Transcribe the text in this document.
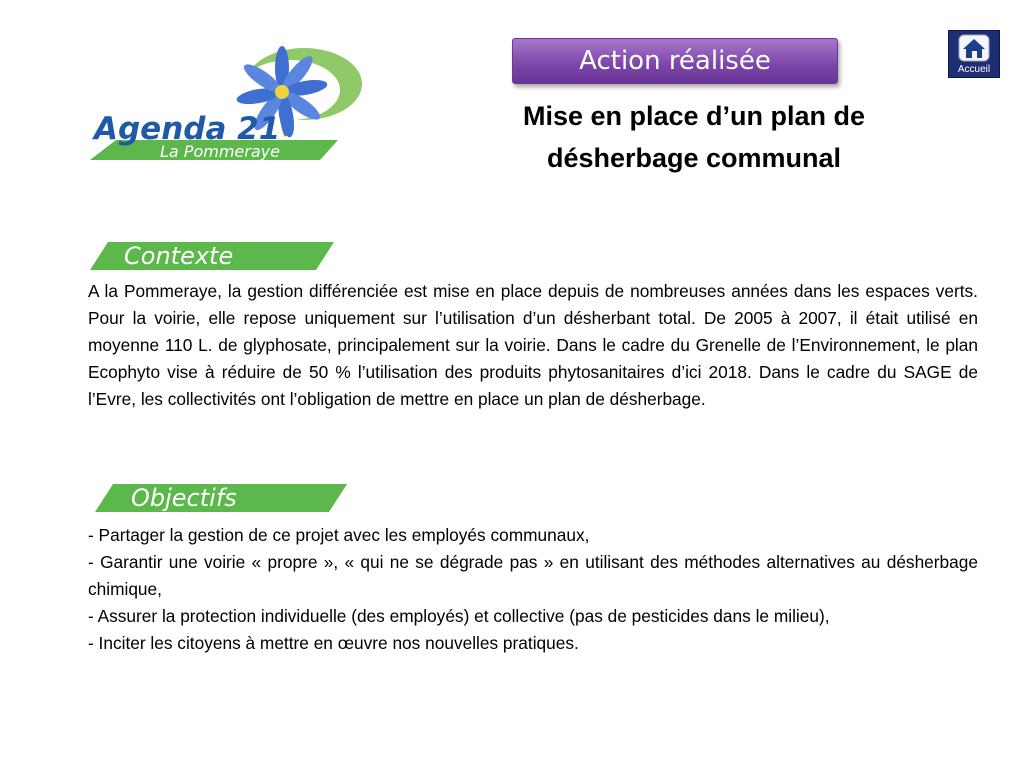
Agenda 21
La Pommeraye
Action réalisée	Accueil
Mise en place d’un plan de
désherbage communal
Contexte

A la Pommeraye, la gestion différenciée est mise en place depuis de nombreuses années dans les espaces verts. Pour la voirie, elle repose uniquement sur l’utilisation d’un désherbant total. De 2005 à 2007, il était utilisé en moyenne 110 L. de glyphosate, principalement sur la voirie. Dans le cadre du Grenelle de l’Environnement, le plan Ecophyto vise à réduire de 50 % l’utilisation des produits phytosanitaires d’ici 2018. Dans le cadre du SAGE de l’Evre, les collectivités ont l’obligation de mettre en place un plan de désherbage.

Objectifs
- Partager la gestion de ce projet avec les employés communaux,
- Garantir une voirie « propre », « qui ne se dégrade pas » en utilisant des méthodes alternatives au désherbage chimique,
- Assurer la protection individuelle (des employés) et collective (pas de pesticides dans le milieu),
- Inciter les citoyens à mettre en œuvre nos nouvelles pratiques.
